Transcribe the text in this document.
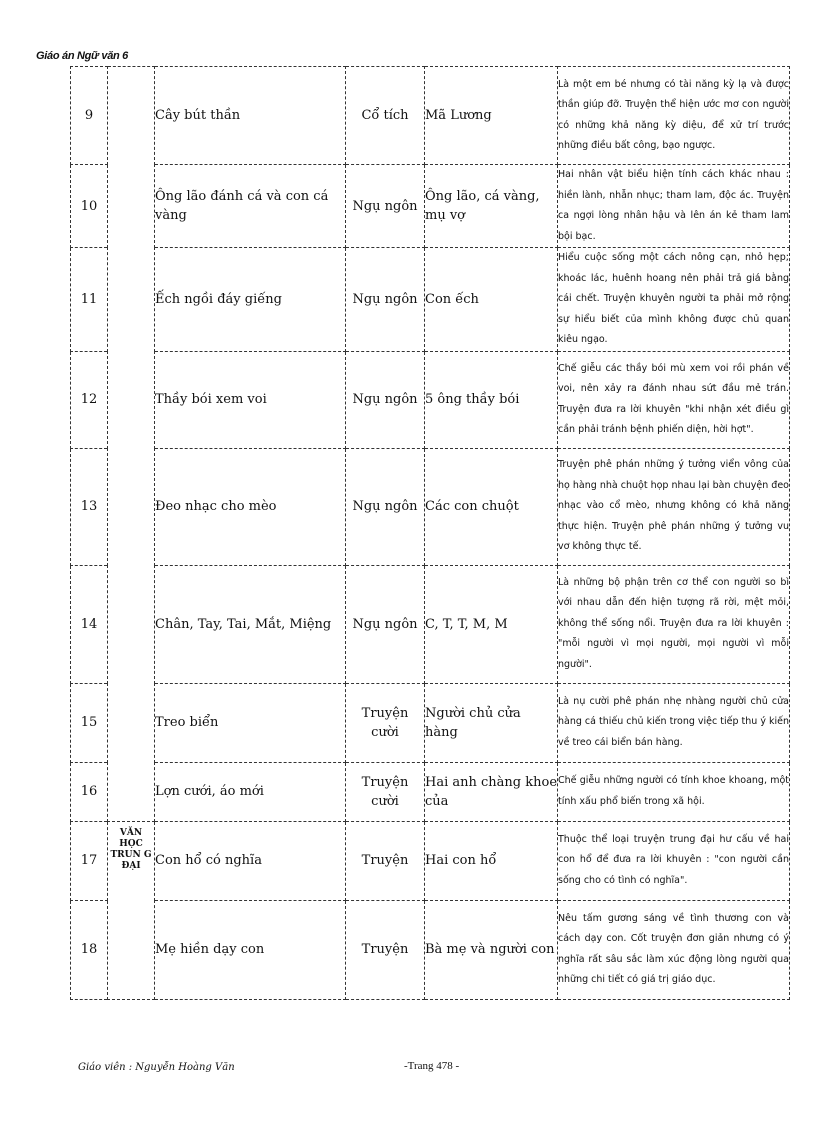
Giáo án Ngữ văn 6
9		Cây bút thần	Cổ tích	Mã Lương	Là một em bé nhưng có tài năng kỳ lạ và được thần giúp đỡ. Truyện thể hiện ước mơ con người có những khả năng kỳ diệu, để xử trí trước những điều bất công, bạo ngược.
10		Ông lão đánh cá và con cá vàng	Ngụ ngôn	Ông lão, cá vàng, mụ vợ	Hai nhân vật biểu hiện tính cách khác nhau : hiền lành, nhẫn nhục; tham lam, độc ác. Truyện ca ngợi lòng nhân hậu và lên án kẻ tham lam bội bạc.
11		Ếch ngồi đáy giếng	Ngụ ngôn	Con ếch	Hiểu cuộc sống một cách nông cạn, nhỏ hẹp; khoác lác, huênh hoang nên phải trả giá bằng cái chết. Truyện khuyên người ta phải mở rộng sự hiểu biết của mình không được chủ quan kiêu ngạo.
12		Thầy bói xem voi	Ngụ ngôn	5 ông thầy bói	Chế giễu các thầy bói mù xem voi rồi phán về voi, nên xảy ra đánh nhau sứt đầu mẻ trán. Truyện đưa ra lời khuyên "khi nhận xét điều gì cần phải tránh bệnh phiến diện, hời hợt".
13		Đeo nhạc cho mèo	Ngụ ngôn	Các con chuột	Truyện phê phán những ý tưởng viển vông của họ hàng nhà chuột họp nhau lại bàn chuyện đeo nhạc vào cổ mèo, nhưng không có khả năng thực hiện. Truyện phê phán những ý tưởng vu vơ không thực tế.
14		Chân, Tay, Tai, Mắt, Miệng	Ngụ ngôn	C, T, T, M, M	Là những bộ phận trên cơ thể con người so bì với nhau dẫn đến hiện tượng rã rời, mệt mỏi, không thể sống nổi. Truyện đưa ra lời khuyên : "mỗi người vì mọi người, mọi người vì mỗi người".
15		Treo biển	Truyện cười	Người chủ cửa hàng	Là nụ cười phê phán nhẹ nhàng người chủ cửa hàng cá thiếu chủ kiến trong việc tiếp thu ý kiến về treo cái biển bán hàng.
16		Lợn cưới, áo mới	Truyện cười	Hai anh chàng khoe của	Chế giễu những người có tính khoe khoang, một tính xấu phổ biến trong xã hội.
17	VĂN HỌC TRUN G ĐẠI	Con hổ có nghĩa	Truyện	Hai con hổ	Thuộc thể loại truyện trung đại hư cấu về hai con hổ để đưa ra lời khuyên : "con người cần sống cho có tình có nghĩa".
18		Mẹ hiền dạy con	Truyện	Bà mẹ và người con	Nêu tấm gương sáng về tình thương con và cách dạy con. Cốt truyện đơn giản nhưng có ý nghĩa rất sâu sắc làm xúc động lòng người qua những chi tiết có giá trị giáo dục.
Giáo viên : Nguyễn Hoàng Văn	-Trang 478 -
